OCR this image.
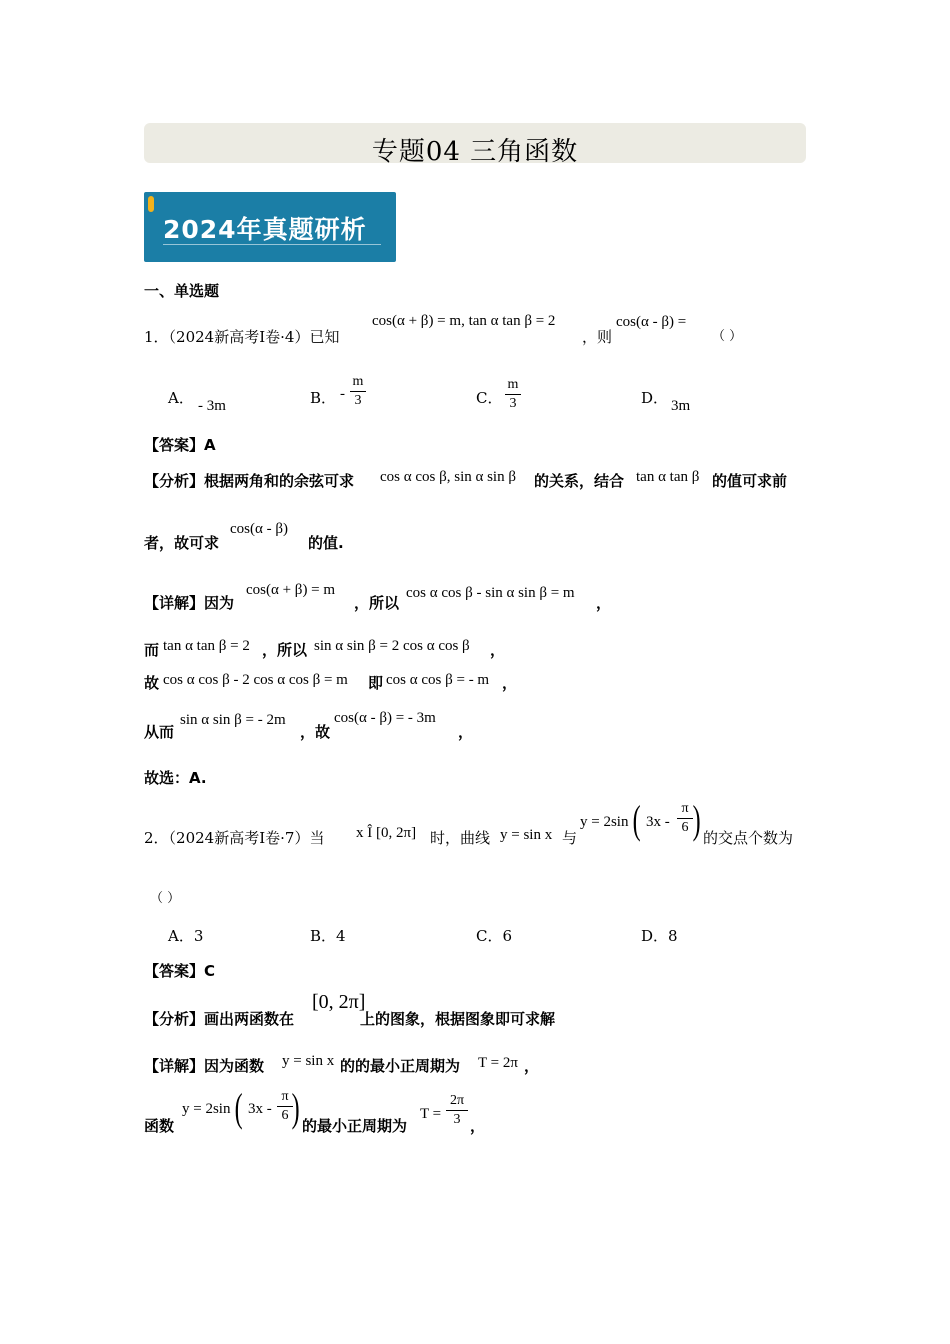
专题04 三角函数
2024年真题研析
一、单选题
1．（2024新高考Ⅰ卷·4）已知
cos(α + β) = m, tan α tan β = 2
，则
cos(α - β) =
（ ）
A． - 3m	B． -
m
3	C．
m
3	D． 3m
【答案】A
【分析】根据两角和的余弦可求 cos α cos β, sin α sin β 的关系，结合 tan α tan β 的值可求前
者，故可求
cos(α - β)
的值.
【详解】因为
cos(α + β) = m
，所以
cos α cos β - sin α sin β = m
，
而 tan α tan β = 2 ，所以 sin α sin β = 2 cos α cos β ，
故 cos α cos β - 2 cos α cos β = m 即 cos α cos β = - m ，
从而
sin α sin β = - 2m
，故
cos(α - β) = - 3m
，
故选：A.
2．（2024新高考Ⅰ卷·7）当 x Î [0, 2π] 时，曲线 y = sin x 与
y = 2sin ( 3x -
π
6 ) 的交点个数为
（ ）
A．3	B．4	C．6	D．8
【答案】C
【分析】画出两函数在
[0, 2π]
上的图象，根据图象即可求解
【详解】因为函数 y = sin x 的的最小正周期为 T = 2π ，
函数
y = 2sin ( 3x -
π
6 ) 的最小正周期为
T =
2π
3 ，
